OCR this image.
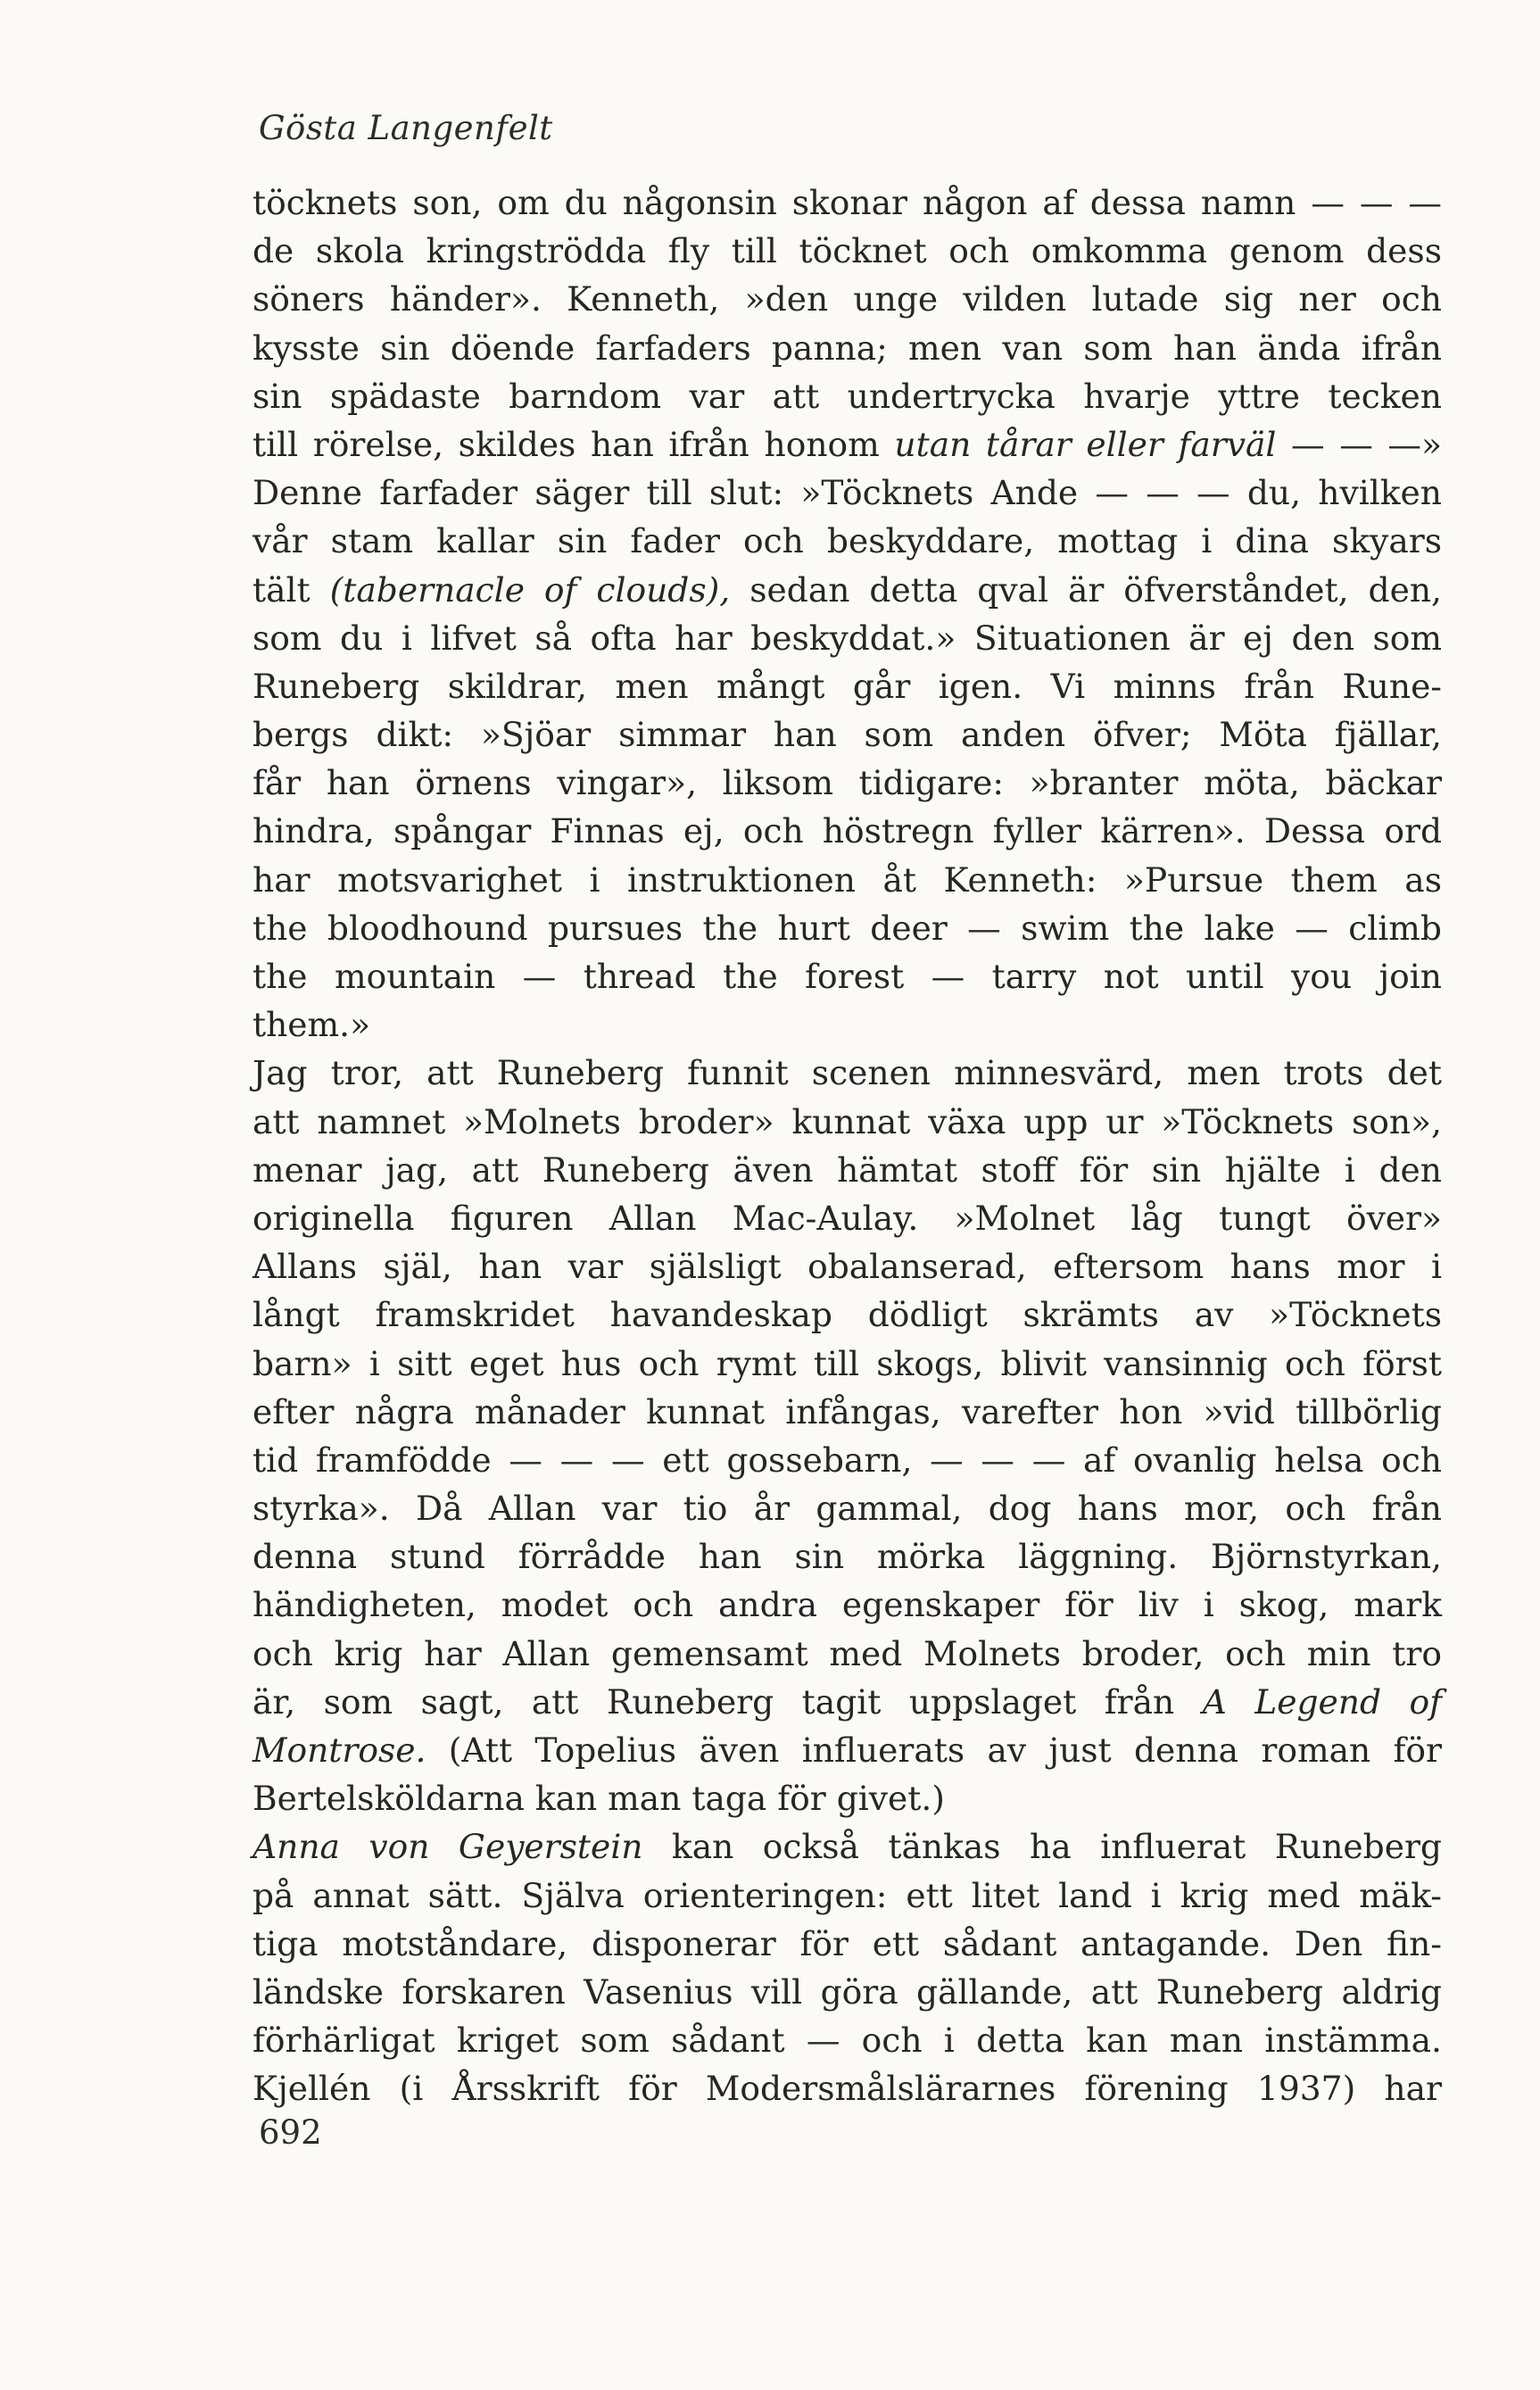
Gösta Langenfelt
töcknets son, om du någonsin skonar någon af dessa namn — — —
de skola kringströdda fly till töcknet och omkomma genom dess
söners händer». Kenneth, »den unge vilden lutade sig ner och
kysste sin döende farfaders panna; men van som han ända ifrån
sin spädaste barndom var att undertrycka hvarje yttre tecken
till rörelse, skildes han ifrån honom utan tårar eller farväl — — —»
Denne farfader säger till slut: »Töcknets Ande — — — du, hvilken
vår stam kallar sin fader och beskyddare, mottag i dina skyars
tält (tabernacle of clouds), sedan detta qval är öfverståndet, den,
som du i lifvet så ofta har beskyddat.» Situationen är ej den som
Runeberg skildrar, men mångt går igen. Vi minns från Rune-
bergs dikt: »Sjöar simmar han som anden öfver; Möta fjällar,
får han örnens vingar», liksom tidigare: »branter möta, bäckar
hindra, spångar Finnas ej, och höstregn fyller kärren». Dessa ord
har motsvarighet i instruktionen åt Kenneth: »Pursue them as
the bloodhound pursues the hurt deer — swim the lake — climb
the mountain — thread the forest — tarry not until you join
them.»
Jag tror, att Runeberg funnit scenen minnesvärd, men trots det
att namnet »Molnets broder» kunnat växa upp ur »Töcknets son»,
menar jag, att Runeberg även hämtat stoff för sin hjälte i den
originella figuren Allan Mac-Aulay. »Molnet låg tungt över»
Allans själ, han var själsligt obalanserad, eftersom hans mor i
långt framskridet havandeskap dödligt skrämts av »Töcknets
barn» i sitt eget hus och rymt till skogs, blivit vansinnig och först
efter några månader kunnat infångas, varefter hon »vid tillbörlig
tid framfödde — — — ett gossebarn, — — — af ovanlig helsa och
styrka». Då Allan var tio år gammal, dog hans mor, och från
denna stund förrådde han sin mörka läggning. Björnstyrkan,
händigheten, modet och andra egenskaper för liv i skog, mark
och krig har Allan gemensamt med Molnets broder, och min tro
är, som sagt, att Runeberg tagit uppslaget från A Legend of
Montrose. (Att Topelius även influerats av just denna roman för
Bertelsköldarna kan man taga för givet.)
Anna von Geyerstein kan också tänkas ha influerat Runeberg
på annat sätt. Själva orienteringen: ett litet land i krig med mäk-
tiga motståndare, disponerar för ett sådant antagande. Den fin-
ländske forskaren Vasenius vill göra gällande, att Runeberg aldrig
förhärligat kriget som sådant — och i detta kan man instämma.
Kjellén (i Årsskrift för Modersmålslärarnes förening 1937) har
692
